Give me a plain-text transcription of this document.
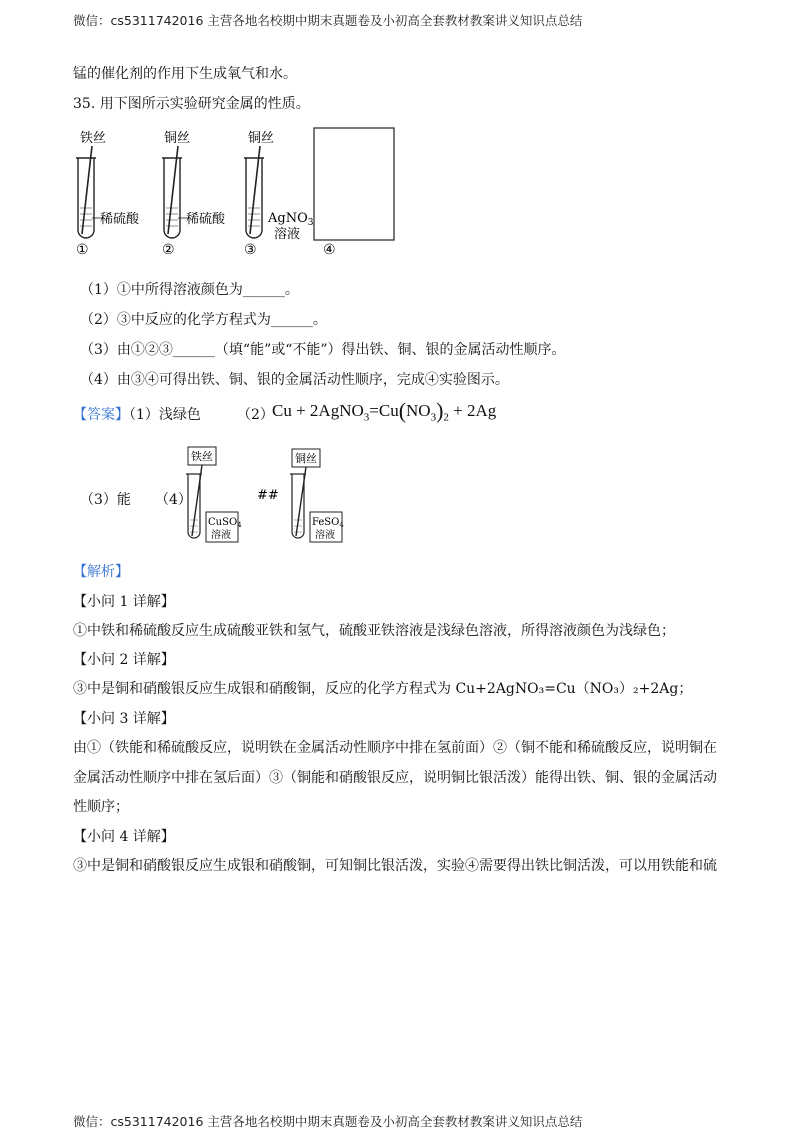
微信：cs5311742016 主营各地名校期中期末真题卷及小初高全套教材教案讲义知识点总结
锰的催化剂的作用下生成氧气和水。
35. 用下图所示实验研究金属的性质。
铁丝
稀硫酸
①
铜丝
稀硫酸
②
铜丝
AgNO$_3$
溶液
③	④
（1）①中所得溶液颜色为______。
（2）③中反应的化学方程式为______。
（3）由①②③______（填“能”或“不能”）得出铁、铜、银的金属活动性顺序。
（4）由③④可得出铁、铜、银的金属活动性顺序，完成④实验图示。
【答案】（1）浅绿色	（2）
$Cu + 2AgNO_3=Cu(NO_3)_2 + 2Ag$
（3）能 （4）
铁丝
CuSO$_4$
溶液
##
铜丝
FeSO$_4$
溶液
【解析】
【小问 1 详解】
①中铁和稀硫酸反应生成硫酸亚铁和氢气，硫酸亚铁溶液是浅绿色溶液，所得溶液颜色为浅绿色；
【小问 2 详解】
③中是铜和硝酸银反应生成银和硝酸铜，反应的化学方程式为 Cu+2AgNO₃=Cu（NO₃）₂+2Ag；
【小问 3 详解】
由①（铁能和稀硫酸反应，说明铁在金属活动性顺序中排在氢前面）②（铜不能和稀硫酸反应，说明铜在
金属活动性顺序中排在氢后面）③（铜能和硝酸银反应，说明铜比银活泼）能得出铁、铜、银的金属活动
性顺序；
【小问 4 详解】
③中是铜和硝酸银反应生成银和硝酸铜，可知铜比银活泼，实验④需要得出铁比铜活泼，可以用铁能和硫
微信：cs5311742016 主营各地名校期中期末真题卷及小初高全套教材教案讲义知识点总结
